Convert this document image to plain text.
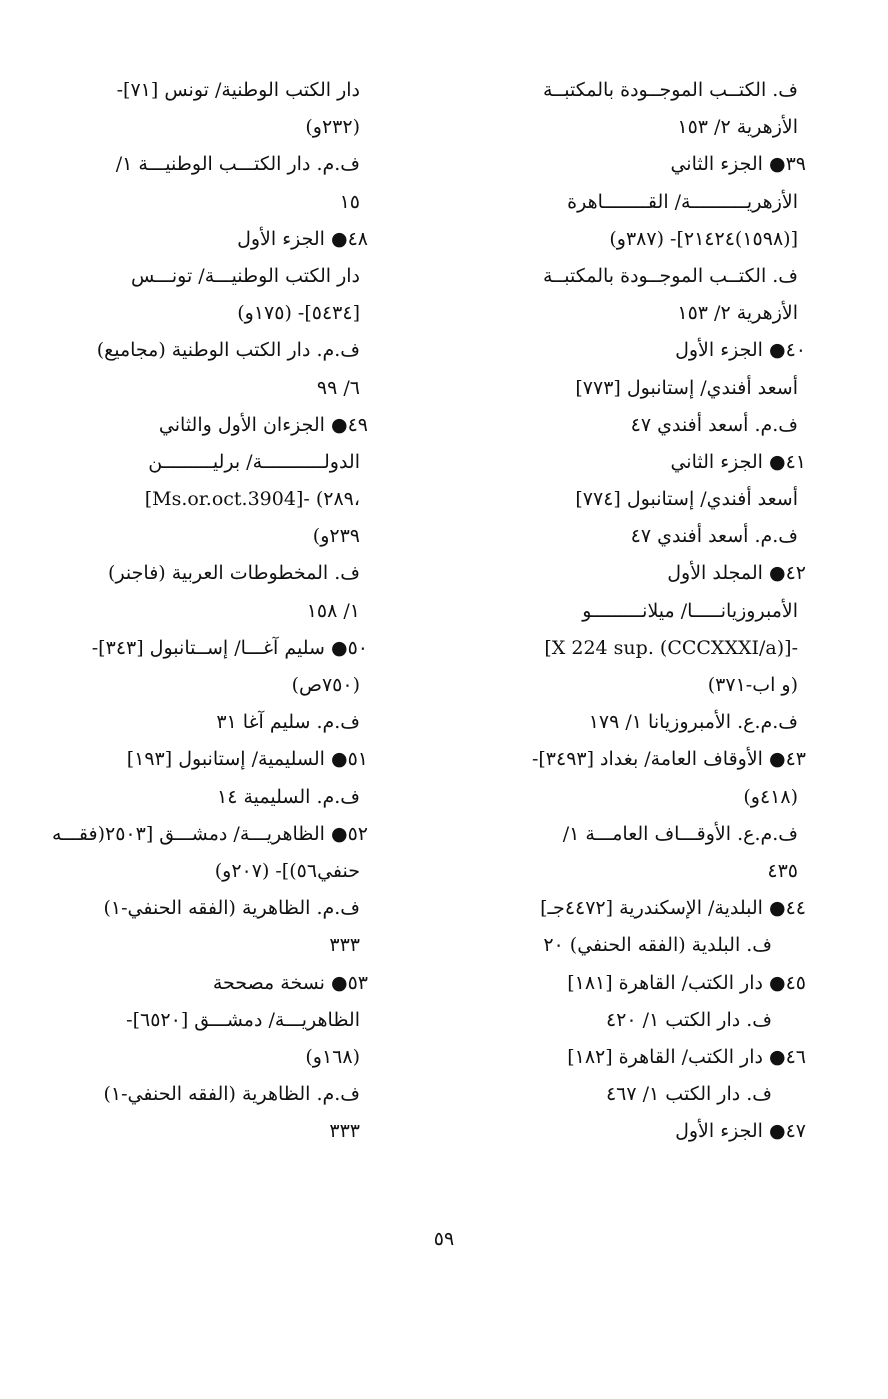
ف. الكتــب الموجــودة بالمكتبــة
الأزهرية ٢/ ١٥٣
٣٩● الجزء الثاني
الأزهريــــــــــة/ القــــــــاهرة
[(١٥٩٨)٢١٤٢٤]- (٣٨٧و)
ف. الكتــب الموجــودة بالمكتبــة
الأزهرية ٢/ ١٥٣
٤٠● الجزء الأول
أسعد أفندي/ إستانبول [٧٧٣]
ف.م. أسعد أفندي ٤٧
٤١● الجزء الثاني
أسعد أفندي/ إستانبول [٧٧٤]
ف.م. أسعد أفندي ٤٧
٤٢● المجلد الأول
الأمبروزيانـــــا/ ميلانـــــــــو
[X 224 sup. (CCCXXXI/a)]-
(و اب-٣٧١)
ف.م.ع. الأمبروزيانا ١/ ١٧٩
٤٣● الأوقاف العامة/ بغداد [٣٤٩٣]-
(٤١٨و)
ف.م.ع. الأوقـــاف العامـــة ١/
٤٣٥
٤٤● البلدية/ الإسكندرية [٤٤٧٢جـ]
ف. البلدية (الفقه الحنفي) ٢٠
٤٥● دار الكتب/ القاهرة [١٨١]
ف. دار الكتب ١/ ٤٢٠
٤٦● دار الكتب/ القاهرة [١٨٢]
ف. دار الكتب ١/ ٤٦٧
٤٧● الجزء الأول
دار الكتب الوطنية/ تونس [٧١]-
(٢٣٢و)
ف.م. دار الكتـــب الوطنيـــة ١/
١٥
٤٨● الجزء الأول
دار الكتب الوطنيـــة/ تونـــس
[٥٤٣٤]- (١٧٥و)
ف.م. دار الكتب الوطنية (مجاميع)
٦/ ٩٩
٤٩● الجزءان الأول والثاني
الدولـــــــــــة/ برليـــــــــن
[Ms.or.oct.3904]- (٢٨٩،
٢٣٩و)
ف. المخطوطات العربية (فاجنر)
١/ ١٥٨
٥٠● سليم آغـــا/ إســتانبول [٣٤٣]-
(٧٥٠ص)
ف.م. سليم آغا ٣١
٥١● السليمية/ إستانبول [١٩٣]
ف.م. السليمية ١٤
٥٢● الظاهريـــة/ دمشـــق [٢٥٠٣(فقـــه
حنفي٥٦)]- (٢٠٧و)
ف.م. الظاهرية (الفقه الحنفي-١)
٣٣٣
٥٣● نسخة مصححة
الظاهريـــة/ دمشـــق [٦٥٢٠]-
(١٦٨و)
ف.م. الظاهرية (الفقه الحنفي-١)
٣٣٣
٥٩
